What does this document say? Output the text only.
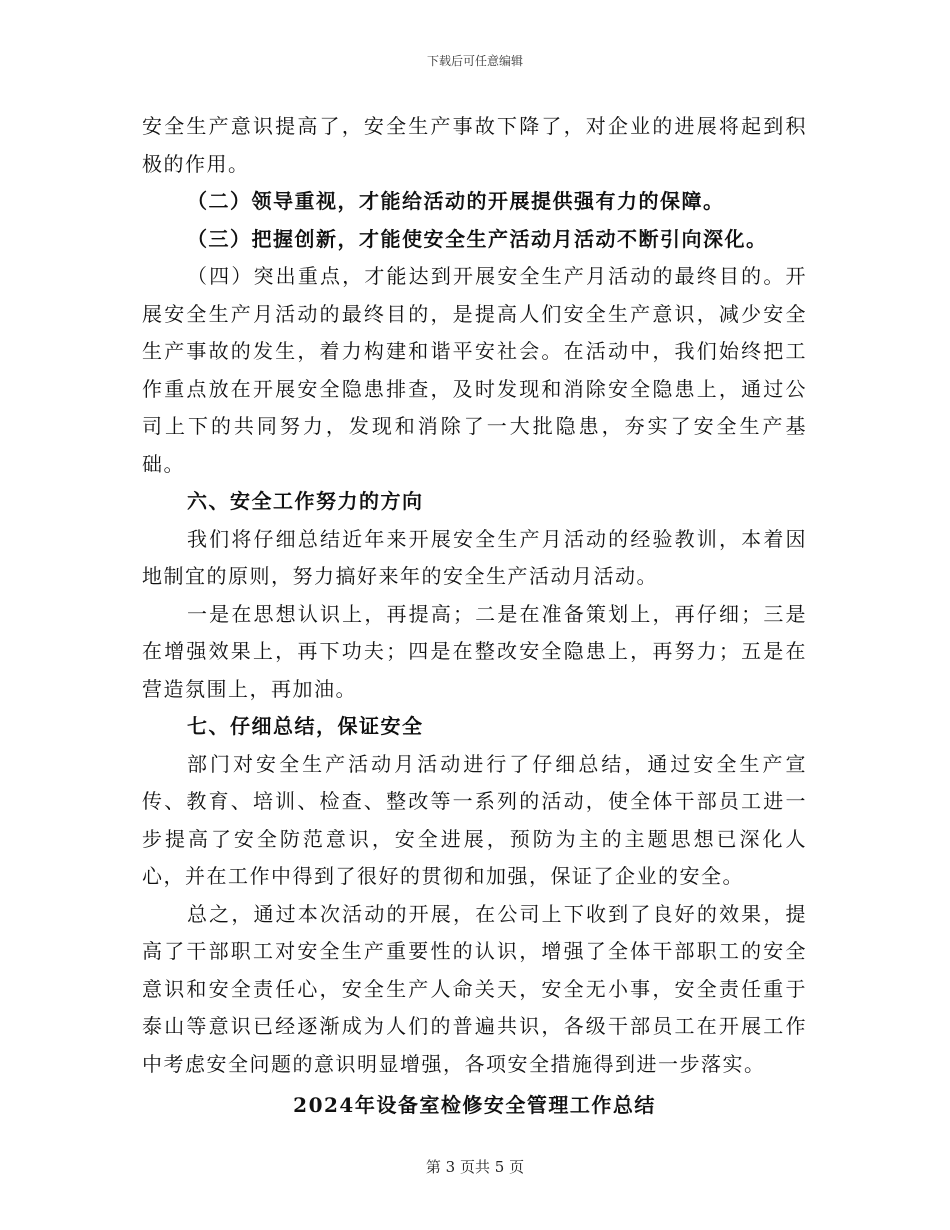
下载后可任意编辑

安全生产意识提高了，安全生产事故下降了，对企业的进展将起到积极的作用。

（二）领导重视，才能给活动的开展提供强有力的保障。

（三）把握创新，才能使安全生产活动月活动不断引向深化。

（四）突出重点，才能达到开展安全生产月活动的最终目的。开展安全生产月活动的最终目的，是提高人们安全生产意识，减少安全生产事故的发生，着力构建和谐平安社会。在活动中，我们始终把工作重点放在开展安全隐患排查，及时发现和消除安全隐患上，通过公司上下的共同努力，发现和消除了一大批隐患，夯实了安全生产基础。

六、安全工作努力的方向

我们将仔细总结近年来开展安全生产月活动的经验教训，本着因地制宜的原则，努力搞好来年的安全生产活动月活动。

一是在思想认识上，再提高；二是在准备策划上，再仔细；三是在增强效果上，再下功夫；四是在整改安全隐患上，再努力；五是在营造氛围上，再加油。

七、仔细总结，保证安全

部门对安全生产活动月活动进行了仔细总结，通过安全生产宣传、教育、培训、检查、整改等一系列的活动，使全体干部员工进一步提高了安全防范意识，安全进展，预防为主的主题思想已深化人心，并在工作中得到了很好的贯彻和加强，保证了企业的安全。

总之，通过本次活动的开展，在公司上下收到了良好的效果，提高了干部职工对安全生产重要性的认识，增强了全体干部职工的安全意识和安全责任心，安全生产人命关天，安全无小事，安全责任重于泰山等意识已经逐渐成为人们的普遍共识，各级干部员工在开展工作中考虑安全问题的意识明显增强，各项安全措施得到进一步落实。

2024年设备室检修安全管理工作总结

第 3 页共 5 页
